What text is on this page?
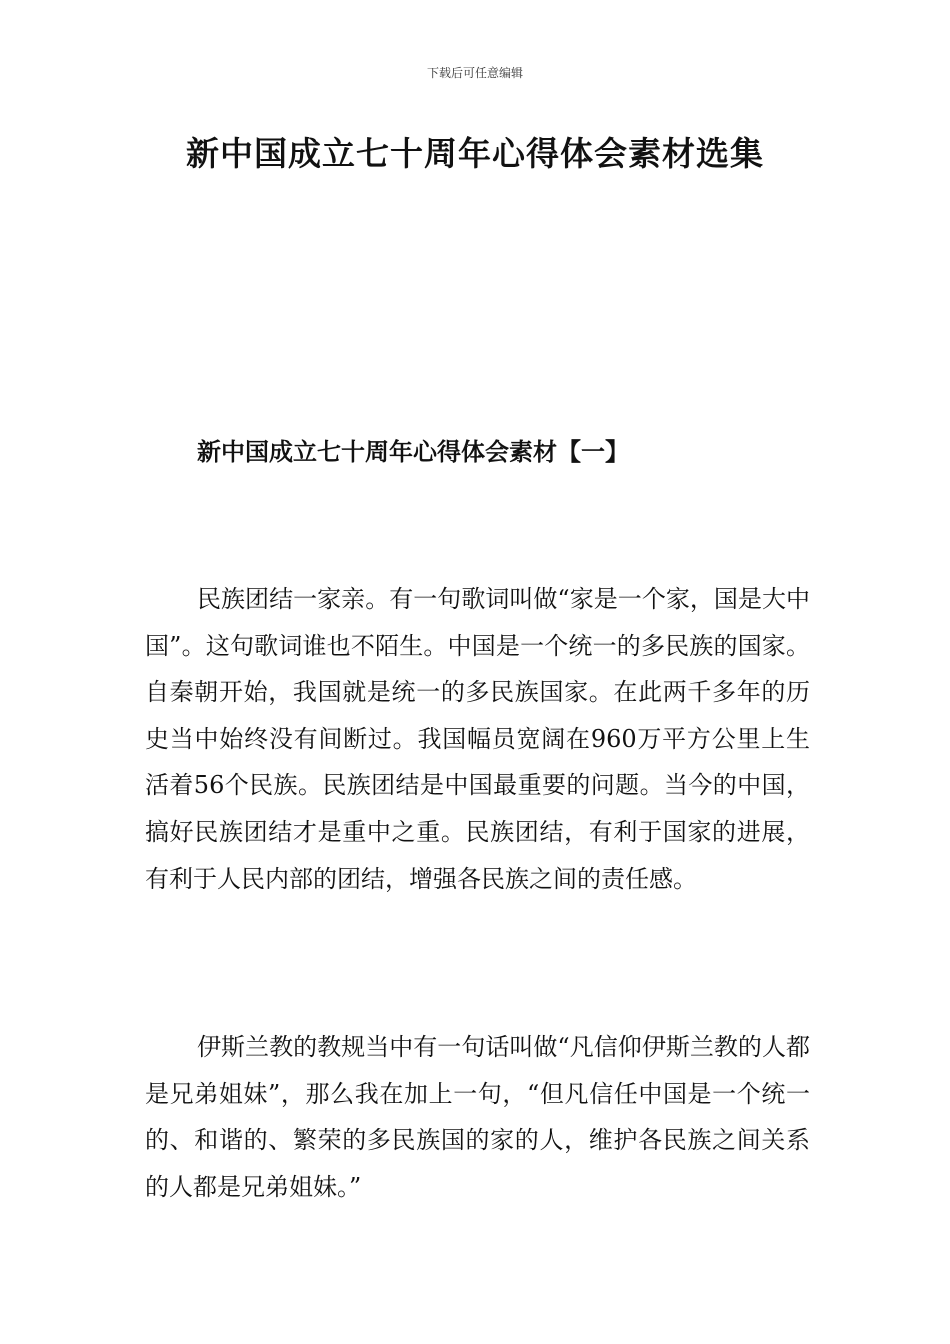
下载后可任意编辑
新中国成立七十周年心得体会素材选集
新中国成立七十周年心得体会素材【一】

民族团结一家亲。有一句歌词叫做“家是一个家，国是大中国”。这句歌词谁也不陌生。中国是一个统一的多民族的国家。自秦朝开始，我国就是统一的多民族国家。在此两千多年的历史当中始终没有间断过。我国幅员宽阔在960万平方公里上生活着56个民族。民族团结是中国最重要的问题。当今的中国，搞好民族团结才是重中之重。民族团结，有利于国家的进展，有利于人民内部的团结，增强各民族之间的责任感。

伊斯兰教的教规当中有一句话叫做“凡信仰伊斯兰教的人都是兄弟姐妹”，那么我在加上一句，“但凡信任中国是一个统一的、和谐的、繁荣的多民族国的家的人，维护各民族之间关系的人都是兄弟姐妹。”
